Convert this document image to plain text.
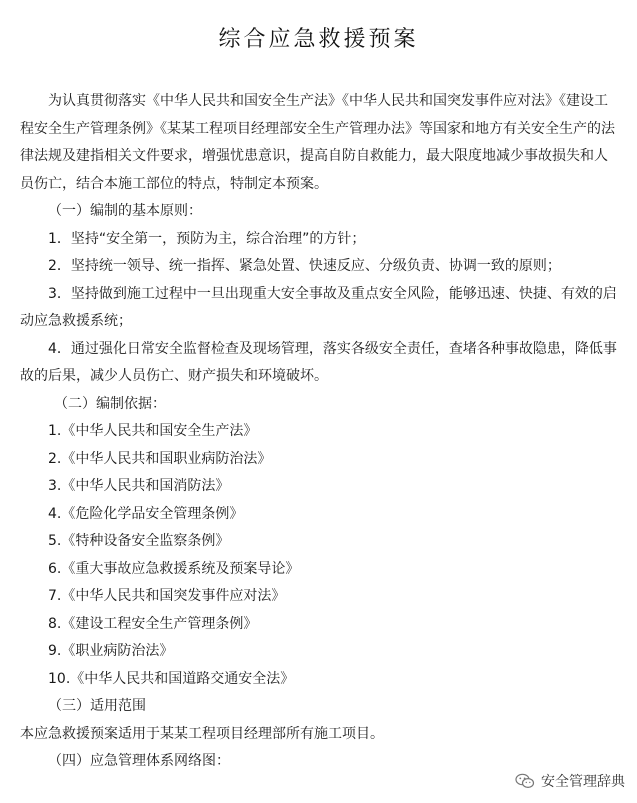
综合应急救援预案

为认真贯彻落实《中华人民共和国安全生产法》《中华人民共和国突发事件应对法》《建设工程安全生产管理条例》《某某工程项目经理部安全生产管理办法》等国家和地方有关安全生产的法律法规及建指相关文件要求，增强忧患意识，提高自防自救能力，最大限度地减少事故损失和人员伤亡，结合本施工部位的特点，特制定本预案。

（一）编制的基本原则：
1．坚持“安全第一，预防为主，综合治理”的方针；
2．坚持统一领导、统一指挥、紧急处置、快速反应、分级负责、协调一致的原则；

3．坚持做到施工过程中一旦出现重大安全事故及重点安全风险，能够迅速、快捷、有效的启动应急救援系统；

4．通过强化日常安全监督检查及现场管理，落实各级安全责任，查堵各种事故隐患，降低事故的后果，减少人员伤亡、财产损失和环境破坏。

（二）编制依据：
1.《中华人民共和国安全生产法》
2.《中华人民共和国职业病防治法》
3.《中华人民共和国消防法》
4.《危险化学品安全管理条例》
5.《特种设备安全监察条例》
6.《重大事故应急救援系统及预案导论》
7.《中华人民共和国突发事件应对法》
8.《建设工程安全生产管理条例》
9.《职业病防治法》
10.《中华人民共和国道路交通安全法》
（三）适用范围
本应急救援预案适用于某某工程项目经理部所有施工项目。
（四）应急管理体系网络图：
安全管理辞典
